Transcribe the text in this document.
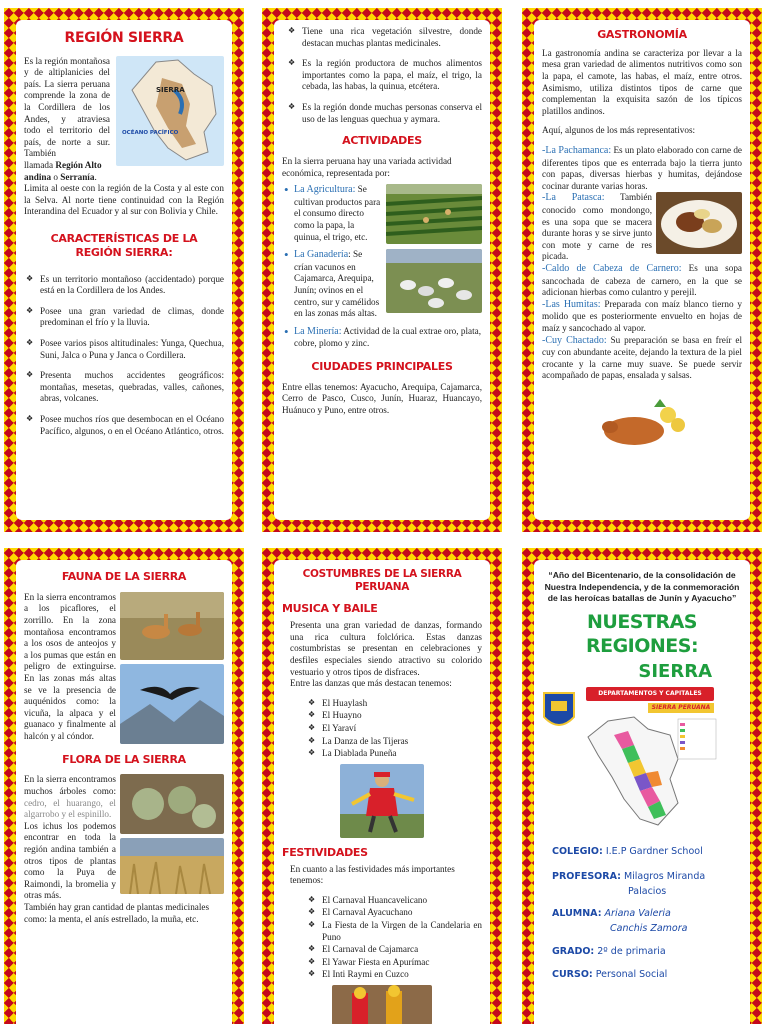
REGIÓN SIERRA
SIERRA
OCÉANO PACÍFICO

Es la región montañosa y de altiplanicies del país. La sierra peruana comprende la zona de la Cordillera de los Andes, y atraviesa todo el territorio del país, de norte a sur. También

llamada Región Alto andina o Serranía.

Limita al oeste con la región de la Costa y al este con la Selva. Al norte tiene continuidad con la Región Interandina del Ecuador y al sur con Bolivia y Chile.

CARACTERÍSTICAS DE LA REGIÓN SIERRA:
❖ Es un territorio montañoso (accidentado) porque está en la Cordillera de los Andes.
❖ Posee una gran variedad de climas, donde predominan el frío y la lluvia.
❖ Posee varios pisos altitudinales: Yunga, Quechua, Suni, Jalca o Puna y Janca o Cordillera.
❖ Presenta muchos accidentes geográficos: montañas, mesetas, quebradas, valles, cañones, abras, volcanes.
❖ Posee muchos ríos que desembocan en el Océano Pacífico, algunos, o en el Océano Atlántico, otros.
❖ Tiene una rica vegetación silvestre, donde destacan muchas plantas medicinales.
❖ Es la región productora de muchos alimentos importantes como la papa, el maíz, el trigo, la cebada, las habas, la quinua, etcétera.
❖ Es la región donde muchas personas conserva el uso de las lenguas quechua y aymara.
ACTIVIDADES

En la sierra peruana hay una variada actividad económica, representada por:

• La Agricultura: Se cultivan productos para el consumo directo como la papa, la quinua, el trigo, etc.
• La Ganadería: Se crían vacunos en Cajamarca, Arequipa, Junín; ovinos en el centro, sur y camélidos en las zonas más altas.
• La Minería: Actividad de la cual extrae oro, plata, cobre, plomo y zinc.
CIUDADES PRINCIPALES

Entre ellas tenemos: Ayacucho, Arequipa, Cajamarca, Cerro de Pasco, Cusco, Junín, Huaraz, Huancayo, Huánuco y Puno, entre otros.

GASTRONOMÍA

La gastronomía andina se caracteriza por llevar a la mesa gran variedad de alimentos nutritivos como son la papa, el camote, las habas, el maíz, entre otros. Asimismo, utiliza distintos tipos de carne que complementan la exquisita sazón de los típicos platillos andinos.

Aquí, algunos de los más representativos:

-La Pachamanca: Es un plato elaborado con carne de diferentes tipos que es enterrada bajo la tierra junto con papas, diversas hierbas y humitas, dejándose cocinar durante varias horas.

-La Patasca: También conocido como mondongo, es una sopa que se macera durante horas y se sirve junto con mote y carne de res picada.

-Caldo de Cabeza de Carnero: Es una sopa sancochada de cabeza de carnero, en la que se adicionan hierbas como culantro y perejil.

-Las Humitas: Preparada con maíz blanco tierno y molido que es posteriormente envuelto en hojas de maíz y sancochado al vapor.

-Cuy Chactado: Su preparación se basa en freír el cuy con abundante aceite, dejando la textura de la piel crocante y la carne muy suave. Se puede servir acompañado de papas, ensalada y salsas.

FAUNA DE LA SIERRA

En la sierra encontramos a los picaflores, el zorrillo. En la zona montañosa encontramos a los osos de anteojos y a los pumas que están en peligro de extinguirse. En las zonas más altas se ve la presencia de auquénidos como: la vicuña, la alpaca y el guanaco y finalmente al halcón y al cóndor.

FLORA DE LA SIERRA

En la sierra encontramos muchos árboles como: cedro, el huarango, el algarrobo y el espinillo.

Los ichus los podemos encontrar en toda la región andina también a otros tipos de plantas como la Puya de Raimondi, la bromelia y otras más.

También hay gran cantidad de plantas medicinales como: la menta, el anís estrellado, la muña, etc.

COSTUMBRES DE LA SIERRA PERUANA
MUSICA Y BAILE

Presenta una gran variedad de danzas, formando una rica cultura folclórica. Estas danzas costumbristas se presentan en celebraciones y desfiles especiales siendo atractivo su colorido vestuario y otros tipos de disfraces.

Entre las danzas que más destacan tenemos:

❖ El Huaylash
❖ El Huayno
❖ El Yaraví
❖ La Danza de las Tijeras
❖ La Diablada Puneña
FESTIVIDADES

En cuanto a las festividades más importantes tenemos:

❖ El Carnaval Huancavelicano
❖ El Carnaval Ayacuchano
❖ La Fiesta de la Virgen de la Candelaria en Puno
❖ El Carnaval de Cajamarca
❖ El Yawar Fiesta en Apurímac
❖ El Inti Raymi en Cuzco
“Año del Bicentenario, de la consolidación de Nuestra Independencia, y de la conmemoración de las heroícas batallas de Junín y Ayacucho”
NUESTRAS REGIONES:
SIERRA
DEPARTAMENTOS Y CAPITALES
SIERRA PERUANA
COLEGIO: I.E.P Gardner School
PROFESORA: Milagros Miranda
Palacios
ALUMNA: Ariana Valeria
Canchis Zamora
GRADO: 2º de primaria
CURSO: Personal Social
